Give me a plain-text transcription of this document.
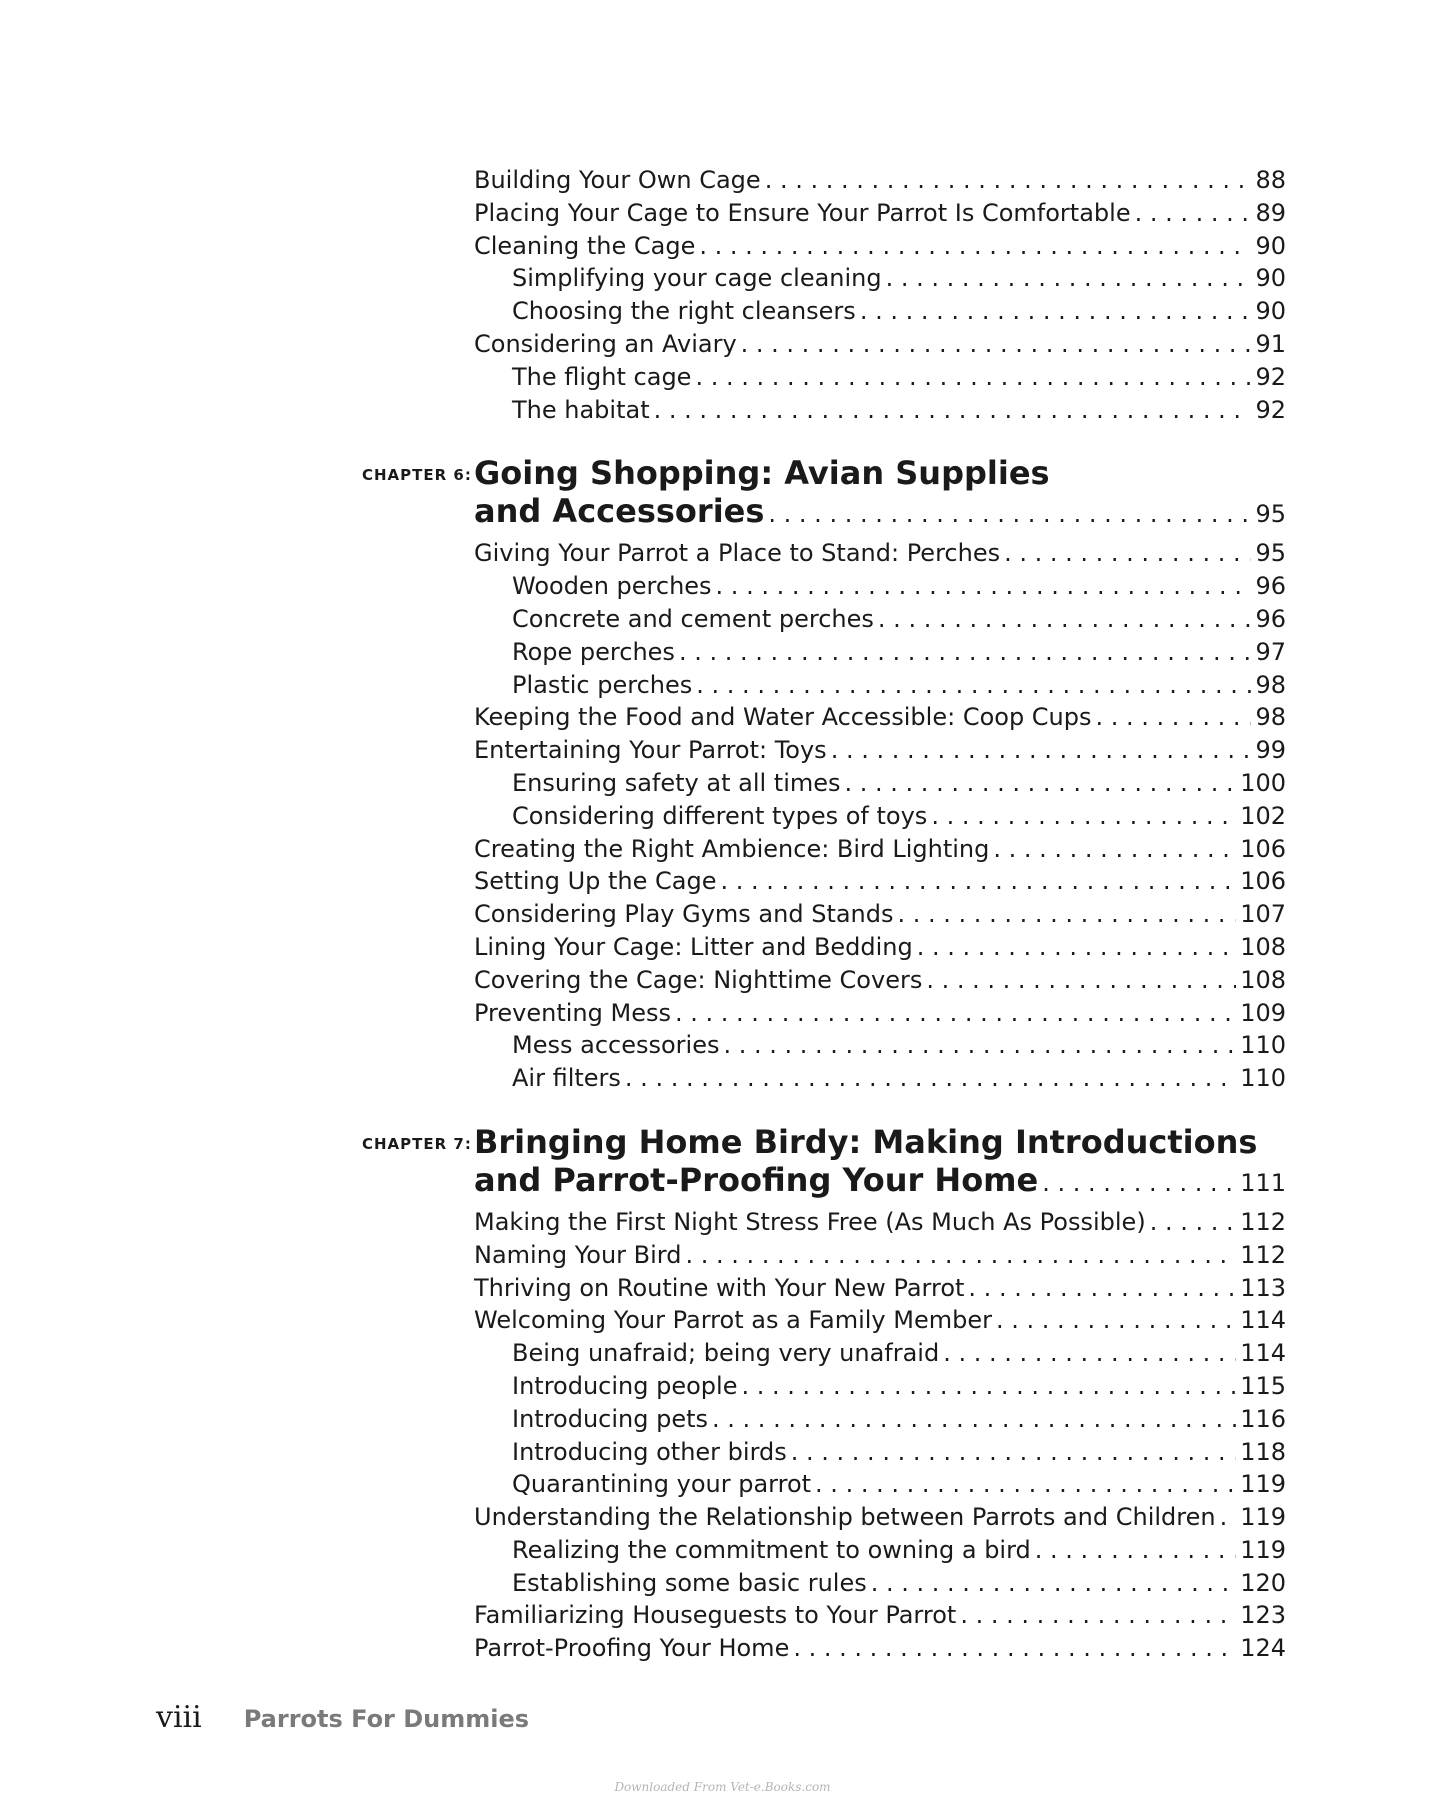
Building Your Own Cage . . .	88
Placing Your Cage to Ensure Your Parrot Is Comfortable . . .	89
Cleaning the Cage . . .	90
Simplifying your cage cleaning . . .	90
Choosing the right cleansers . . .	90
Considering an Aviary . . .	91
The flight cage . . .	92
The habitat . . .	92
CHAPTER 6: Going Shopping: Avian Supplies
and Accessories . . .	95
Giving Your Parrot a Place to Stand: Perches . . .	95
Wooden perches . . .	96
Concrete and cement perches . . .	96
Rope perches . . .	97
Plastic perches . . .	98
Keeping the Food and Water Accessible: Coop Cups . . .	98
Entertaining Your Parrot: Toys . . .	99
Ensuring safety at all times . . .	100
Considering different types of toys . . .	102
Creating the Right Ambience: Bird Lighting . . .	106
Setting Up the Cage . . .	106
Considering Play Gyms and Stands . . .	107
Lining Your Cage: Litter and Bedding . . .	108
Covering the Cage: Nighttime Covers . . .	108
Preventing Mess . . .	109
Mess accessories . . .	110
Air filters . . .	110
CHAPTER 7: Bringing Home Birdy: Making Introductions
and Parrot-Proofing Your Home . . .	111
Making the First Night Stress Free (As Much As Possible) . . .	112
Naming Your Bird . . .	112
Thriving on Routine with Your New Parrot . . .	113
Welcoming Your Parrot as a Family Member . . .	114
Being unafraid; being very unafraid . . .	114
Introducing people . . .	115
Introducing pets . . .	116
Introducing other birds . . .	118
Quarantining your parrot . . .	119
Understanding the Relationship between Parrots and Children . . . 119
Realizing the commitment to owning a bird . . .	119
Establishing some basic rules . . .	120
Familiarizing Houseguests to Your Parrot . . .	123
Parrot-Proofing Your Home . . .	124
viii Parrots For Dummies
Downloaded From Vet-e.Books.com
